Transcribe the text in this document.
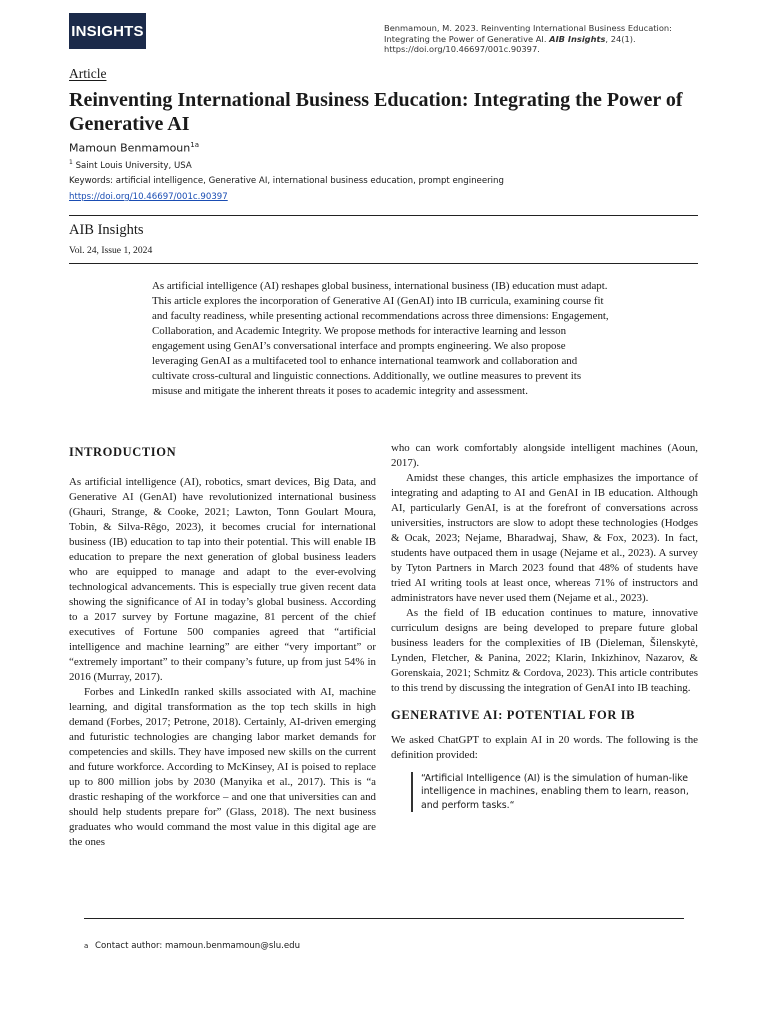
INSIGHTS	Benmamoun, M. 2023. Reinventing International Business Education: Integrating the Power of Generative AI. AIB Insights, 24(1). https://doi.org/10.46697/001c.90397.
Article
Reinventing International Business Education: Integrating the Power of Generative AI
Mamoun Benmamoun$^{1a}$
$^1$ Saint Louis University, USA
Keywords: artificial intelligence, Generative AI, international business education, prompt engineering
https://doi.org/10.46697/001c.90397
AIB Insights
Vol. 24, Issue 1, 2024

As artificial intelligence (AI) reshapes global business, international business (IB) education must adapt. This article explores the incorporation of Generative AI (GenAI) into IB curricula, examining course fit and faculty readiness, while presenting actional recommendations across three dimensions: Engagement, Collaboration, and Academic Integrity. We propose methods for interactive learning and lesson engagement using GenAI’s conversational interface and prompts engineering. We also propose leveraging GenAI as a multifaceted tool to enhance international teamwork and collaboration and cultivate cross-cultural and linguistic connections. Additionally, we outline measures to prevent its misuse and mitigate the inherent threats it poses to academic integrity and assessment.

INTRODUCTION

As artificial intelligence (AI), robotics, smart devices, Big Data, and Generative AI (GenAI) have revolutionized international business (Ghauri, Strange, & Cooke, 2021; Lawton, Tonn Goulart Moura, Tobin, & Silva-Rêgo, 2023), it becomes crucial for international business (IB) education to tap into their potential. This will enable IB education to prepare the next generation of global business leaders who are equipped to manage and adapt to the ever-evolving technological advancements. This is especially true given recent data showing the significance of AI in today’s global business. According to a 2017 survey by Fortune magazine, 81 percent of the chief executives of Fortune 500 companies agreed that “artificial intelligence and machine learning” are either “very important” or “extremely important” to their company’s future, up from just 54% in 2016 (Murray, 2017).

Forbes and LinkedIn ranked skills associated with AI, machine learning, and digital transformation as the top tech skills in high demand (Forbes, 2017; Petrone, 2018). Certainly, AI-driven emerging and futuristic technologies are changing labor market demands for competencies and skills. They have imposed new skills on the current and future workforce. According to McKinsey, AI is poised to replace up to 800 million jobs by 2030 (Manyika et al., 2017). This is “a drastic reshaping of the workforce – and one that universities can and should help students prepare for” (Glass, 2018). The next business graduates who would command the most value in this digital age are the ones

who can work comfortably alongside intelligent machines (Aoun, 2017).

Amidst these changes, this article emphasizes the importance of integrating and adapting to AI and GenAI in IB education. Although AI, particularly GenAI, is at the forefront of conversations across universities, instructors are slow to adopt these technologies (Hodges & Ocak, 2023; Nejame, Bharadwaj, Shaw, & Fox, 2023). In fact, students have outpaced them in usage (Nejame et al., 2023). A survey by Tyton Partners in March 2023 found that 48% of students have tried AI writing tools at least once, whereas 71% of instructors and administrators have never used them (Nejame et al., 2023).

As the field of IB education continues to mature, innovative curriculum designs are being developed to prepare future global business leaders for the complexities of IB (Dieleman, Šilenskytė, Lynden, Fletcher, & Panina, 2022; Klarin, Inkizhinov, Nazarov, & Gorenskaia, 2021; Schmitz & Cordova, 2023). This article contributes to this trend by discussing the integration of GenAI into IB teaching.

GENERATIVE AI: POTENTIAL FOR IB

We asked ChatGPT to explain AI in 20 words. The following is the definition provided:

“Artificial Intelligence (AI) is the simulation of human-like intelligence in machines, enabling them to learn, reason, and perform tasks.“
a Contact author: mamoun.benmamoun@slu.edu
